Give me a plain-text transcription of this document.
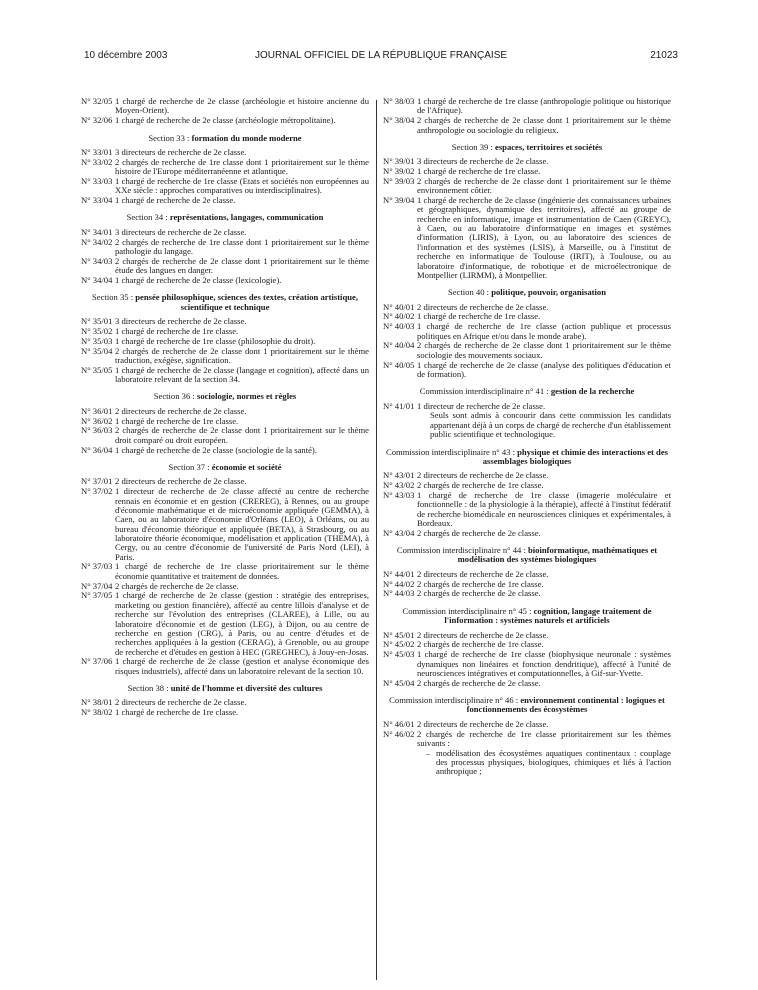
10 décembre 2003	JOURNAL OFFICIEL DE LA RÉPUBLIQUE FRANÇAISE	21023
N° 32/05 1 chargé de recherche de 2e classe (archéologie et histoire ancienne du Moyen-Orient).
N° 32/06 1 chargé de recherche de 2e classe (archéologie métropolitaine).
Section 33 : formation du monde moderne
N° 33/01 3 directeurs de recherche de 2e classe.
N° 33/02 2 chargés de recherche de 1re classe dont 1 prioritairement sur le thème histoire de l'Europe méditerranéenne et atlantique.
N° 33/03 1 chargé de recherche de 1re classe (Etats et sociétés non européennes au XXe siècle : approches comparatives ou interdisciplinaires).
N° 33/04 1 chargé de recherche de 2e classe.
Section 34 : représentations, langages, communication
N° 34/01 3 directeurs de recherche de 2e classe.
N° 34/02 2 chargés de recherche de 1re classe dont 1 prioritairement sur le thème pathologie du langage.
N° 34/03 2 chargés de recherche de 2e classe dont 1 prioritairement sur le thème étude des langues en danger.
N° 34/04 1 chargé de recherche de 2e classe (lexicologie).
Section 35 : pensée philosophique, sciences des textes, création artistique, scientifique et technique
N° 35/01 3 directeurs de recherche de 2e classe.
N° 35/02 1 chargé de recherche de 1re classe.
N° 35/03 1 chargé de recherche de 1re classe (philosophie du droit).
N° 35/04 2 chargés de recherche de 2e classe dont 1 prioritairement sur le thème traduction, exégèse, signification.
N° 35/05 1 chargé de recherche de 2e classe (langage et cognition), affecté dans un laboratoire relevant de la section 34.
Section 36 : sociologie, normes et règles
N° 36/01 2 directeurs de recherche de 2e classe.
N° 36/02 1 chargé de recherche de 1re classe.
N° 36/03 2 chargés de recherche de 2e classe dont 1 prioritairement sur le thème droit comparé ou droit européen.
N° 36/04 1 chargé de recherche de 2e classe (sociologie de la santé).
Section 37 : économie et société
N° 37/01 2 directeurs de recherche de 2e classe.
N° 37/02 1 directeur de recherche de 2e classe affecté au centre de recherche rennais en économie et en gestion (CREREG), à Rennes, ou au groupe d'économie mathématique et de microéconomie appliquée (GEMMA), à Caen, ou au laboratoire d'économie d'Orléans (LEO), à Orléans, ou au bureau d'économie théorique et appliquée (BETA), à Strasbourg, ou au laboratoire théorie économique, modélisation et application (THEMA), à Cergy, ou au centre d'économie de l'université de Paris Nord (LEI), à Paris.
N° 37/03 1 chargé de recherche de 1re classe prioritairement sur le thème économie quantitative et traitement de données.
N° 37/04 2 chargés de recherche de 2e classe.
N° 37/05 1 chargé de recherche de 2e classe (gestion : stratégie des entreprises, marketing ou gestion financière), affecté au centre lillois d'analyse et de recherche sur l'évolution des entreprises (CLAREE), à Lille, ou au laboratoire d'économie et de gestion (LEG), à Dijon, ou au centre de recherche en gestion (CRG), à Paris, ou au centre d'études et de recherches appliquées à la gestion (CERAG), à Grenoble, ou au groupe de recherche et d'études en gestion à HEC (GREGHEC), à Jouy-en-Josas.
N° 37/06 1 chargé de recherche de 2e classe (gestion et analyse économique des risques industriels), affecté dans un laboratoire relevant de la section 10.
Section 38 : unité de l'homme et diversité des cultures
N° 38/01 2 directeurs de recherche de 2e classe.
N° 38/02 1 chargé de recherche de 1re classe.
N° 38/03 1 chargé de recherche de 1re classe (anthropologie politique ou historique de l'Afrique).
N° 38/04 2 chargés de recherche de 2e classe dont 1 prioritairement sur le thème anthropologie ou sociologie du religieux.
Section 39 : espaces, territoires et sociétés
N° 39/01 3 directeurs de recherche de 2e classe.
N° 39/02 1 chargé de recherche de 1re classe.
N° 39/03 2 chargés de recherche de 2e classe dont 1 prioritairement sur le thème environnement côtier.
N° 39/04 1 chargé de recherche de 2e classe (ingénierie des connaissances urbaines et géographiques, dynamique des territoires), affecté au groupe de recherche en informatique, image et instrumentation de Caen (GREYC), à Caen, ou au laboratoire d'informatique en images et systèmes d'information (LIRIS), à Lyon, ou au laboratoire des sciences de l'information et des systèmes (LSIS), à Marseille, ou à l'institut de recherche en informatique de Toulouse (IRIT), à Toulouse, ou au laboratoire d'informatique, de robotique et de microélectronique de Montpellier (LIRMM), à Montpellier.
Section 40 : politique, pouvoir, organisation
N° 40/01 2 directeurs de recherche de 2e classe.
N° 40/02 1 chargé de recherche de 1re classe.
N° 40/03 1 chargé de recherche de 1re classe (action publique et processus politiques en Afrique et/ou dans le monde arabe).
N° 40/04 2 chargés de recherche de 2e classe dont 1 prioritairement sur le thème sociologie des mouvements sociaux.
N° 40/05 1 chargé de recherche de 2e classe (analyse des politiques d'éducation et de formation).
Commission interdisciplinaire n° 41 : gestion de la recherche
N° 41/01 1 directeur de recherche de 2e classe.
Seuls sont admis à concourir dans cette commission les candidats appartenant déjà à un corps de chargé de recherche d'un établissement public scientifique et technologique.
Commission interdisciplinaire n° 43 : physique et chimie des interactions et des assemblages biologiques
N° 43/01 2 directeurs de recherche de 2e classe.
N° 43/02 2 chargés de recherche de 1re classe.
N° 43/03 1 chargé de recherche de 1re classe (imagerie moléculaire et fonctionnelle : de la physiologie à la thérapie), affecté à l'institut fédératif de recherche biomédicale en neurosciences cliniques et expérimentales, à Bordeaux.
N° 43/04 2 chargés de recherche de 2e classe.
Commission interdisciplinaire n° 44 : bioinformatique, mathématiques et modélisation des systèmes biologiques
N° 44/01 2 directeurs de recherche de 2e classe.
N° 44/02 2 chargés de recherche de 1re classe.
N° 44/03 2 chargés de recherche de 2e classe.
Commission interdisciplinaire n° 45 : cognition, langage traitement de l'information : systèmes naturels et artificiels
N° 45/01 2 directeurs de recherche de 2e classe.
N° 45/02 2 chargés de recherche de 1re classe.
N° 45/03 1 chargé de recherche de 1re classe (biophysique neuronale : systèmes dynamiques non linéaires et fonction dendritique), affecté à l'unité de neurosciences intégratives et computationnelles, à Gif-sur-Yvette.
N° 45/04 2 chargés de recherche de 2e classe.
Commission interdisciplinaire n° 46 : environnement continental : logiques et fonctionnements des écosystèmes
N° 46/01 2 directeurs de recherche de 2e classe.
N° 46/02 2 chargés de recherche de 1re classe prioritairement sur les thèmes suivants :
– modélisation des écosystèmes aquatiques continentaux : couplage des processus physiques, biologiques, chimiques et liés à l'action anthropique ;
